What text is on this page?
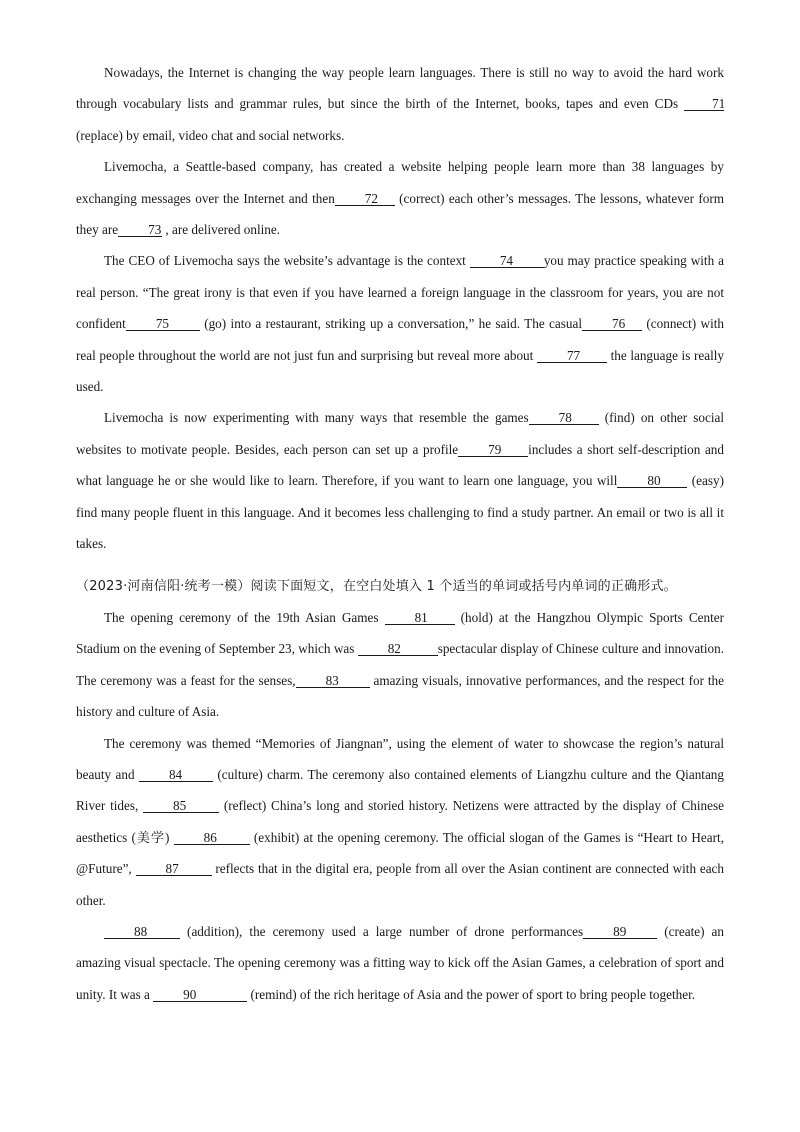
Nowadays, the Internet is changing the way people learn languages. There is still no way to avoid the hard work through vocabulary lists and grammar rules, but since the birth of the Internet, books, tapes and even CDs 71 (replace) by email, video chat and social networks.

Livemocha, a Seattle-based company, has created a website helping people learn more than 38 languages by exchanging messages over the Internet and then 72 (correct) each other’s messages. The lessons, whatever form they are 73 , are delivered online.

The CEO of Livemocha says the website’s advantage is the context 74 you may practice speaking with a real person. “The great irony is that even if you have learned a foreign language in the classroom for years, you are not confident 75 (go) into a restaurant, striking up a conversation,” he said. The casual 76 (connect) with real people throughout the world are not just fun and surprising but reveal more about 77 the language is really used.

Livemocha is now experimenting with many ways that resemble the games 78 (find) on other social websites to motivate people. Besides, each person can set up a profile 79 includes a short self-description and what language he or she would like to learn. Therefore, if you want to learn one language, you will 80 (easy) find many people fluent in this language. And it becomes less challenging to find a study partner. An email or two is all it takes.

（2023·河南信阳·统考一模）阅读下面短文，在空白处填入 1 个适当的单词或括号内单词的正确形式。

The opening ceremony of the 19th Asian Games 81 (hold) at the Hangzhou Olympic Sports Center Stadium on the evening of September 23, which was 82	spectacular display of Chinese culture and innovation. The ceremony was a feast for the senses, 83 amazing visuals, innovative performances, and the respect for the history and culture of Asia.

The ceremony was themed “Memories of Jiangnan”, using the element of water to showcase the region’s natural beauty and 84 (culture) charm. The ceremony also contained elements of Liangzhu culture and the Qiantang River tides, 85 (reflect) China’s long and storied history. Netizens were attracted by the display of Chinese aesthetics (美学) 86 (exhibit) at the opening ceremony. The official slogan of the Games is “Heart to Heart, @Future”, 87 reflects that in the digital era, people from all over the Asian continent are connected with each other.

88 (addition), the ceremony used a large number of drone performances 89 (create) an amazing visual spectacle. The opening ceremony was a fitting way to kick off the Asian Games, a celebration of sport and unity. It was a 90	(remind) of the rich heritage of Asia and the power of sport to bring people together.
